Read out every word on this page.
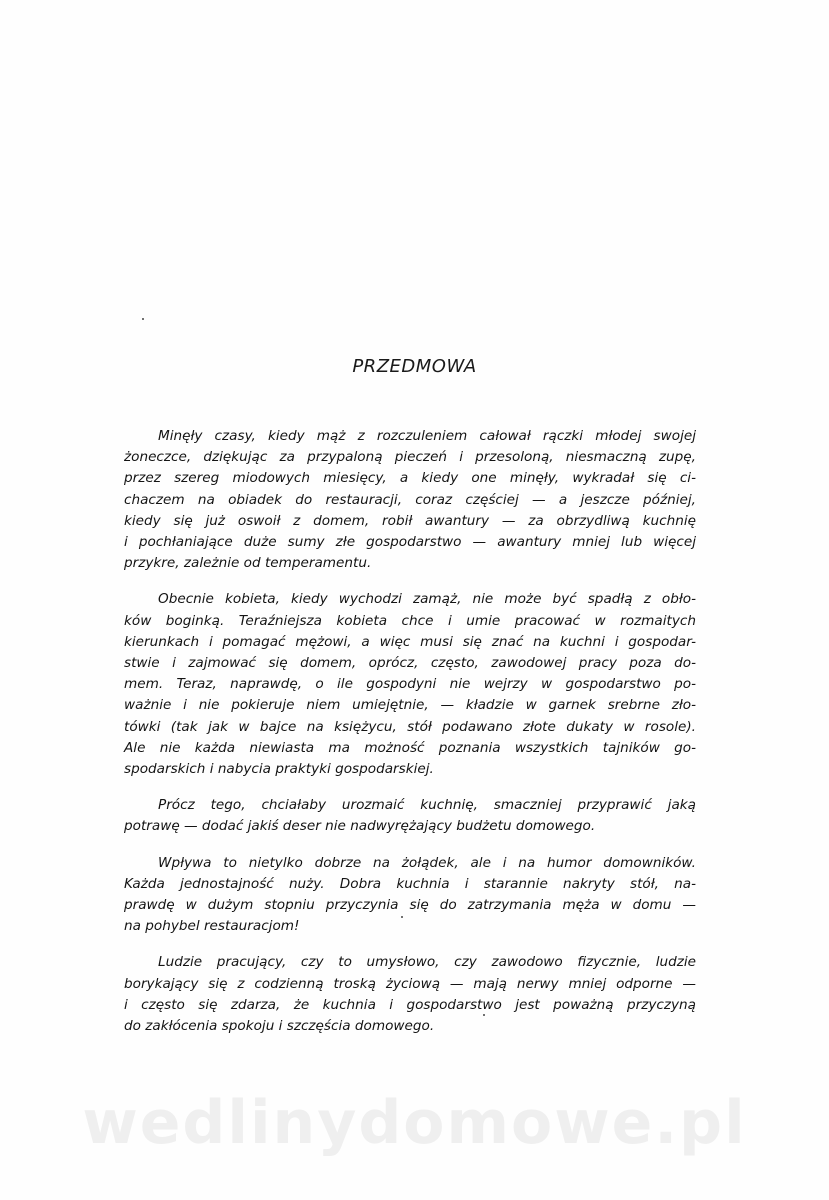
PRZEDMOWA

Minęły czasy, kiedy mąż z rozczuleniem całował rączki młodej swojej
żoneczce, dziękując za przypaloną pieczeń i przesoloną, niesmaczną zupę,
przez szereg miodowych miesięcy, a kiedy one minęły, wykradał się ci-
chaczem na obiadek do restauracji, coraz częściej — a jeszcze później,
kiedy się już oswoił z domem, robił awantury — za obrzydliwą kuchnię
i pochłaniające duże sumy złe gospodarstwo — awantury mniej lub więcej
przykre, zależnie od temperamentu.

Obecnie kobieta, kiedy wychodzi zamąż, nie może być spadłą z obło-
ków boginką. Teraźniejsza kobieta chce i umie pracować w rozmaitych
kierunkach i pomagać mężowi, a więc musi się znać na kuchni i gospodar-
stwie i zajmować się domem, oprócz, często, zawodowej pracy poza do-
mem. Teraz, naprawdę, o ile gospodyni nie wejrzy w gospodarstwo po-
ważnie i nie pokieruje niem umiejętnie, — kładzie w garnek srebrne zło-
tówki (tak jak w bajce na księżycu, stół podawano złote dukaty w rosole).
Ale nie każda niewiasta ma możność poznania wszystkich tajników go-
spodarskich i nabycia praktyki gospodarskiej.

Prócz tego, chciałaby urozmaić kuchnię, smaczniej przyprawić jaką
potrawę — dodać jakiś deser nie nadwyrężający budżetu domowego.

Wpływa to nietylko dobrze na żołądek, ale i na humor domowników.
Każda jednostajność nuży. Dobra kuchnia i starannie nakryty stół, na-
prawdę w dużym stopniu przyczynia się do zatrzymania męża w domu —
na pohybel restauracjom!

Ludzie pracujący, czy to umysłowo, czy zawodowo fizycznie, ludzie
borykający się z codzienną troską życiową — mają nerwy mniej odporne —
i często się zdarza, że kuchnia i gospodarstwo jest poważną przyczyną
do zakłócenia spokoju i szczęścia domowego.

wedlinydomowe.pl
